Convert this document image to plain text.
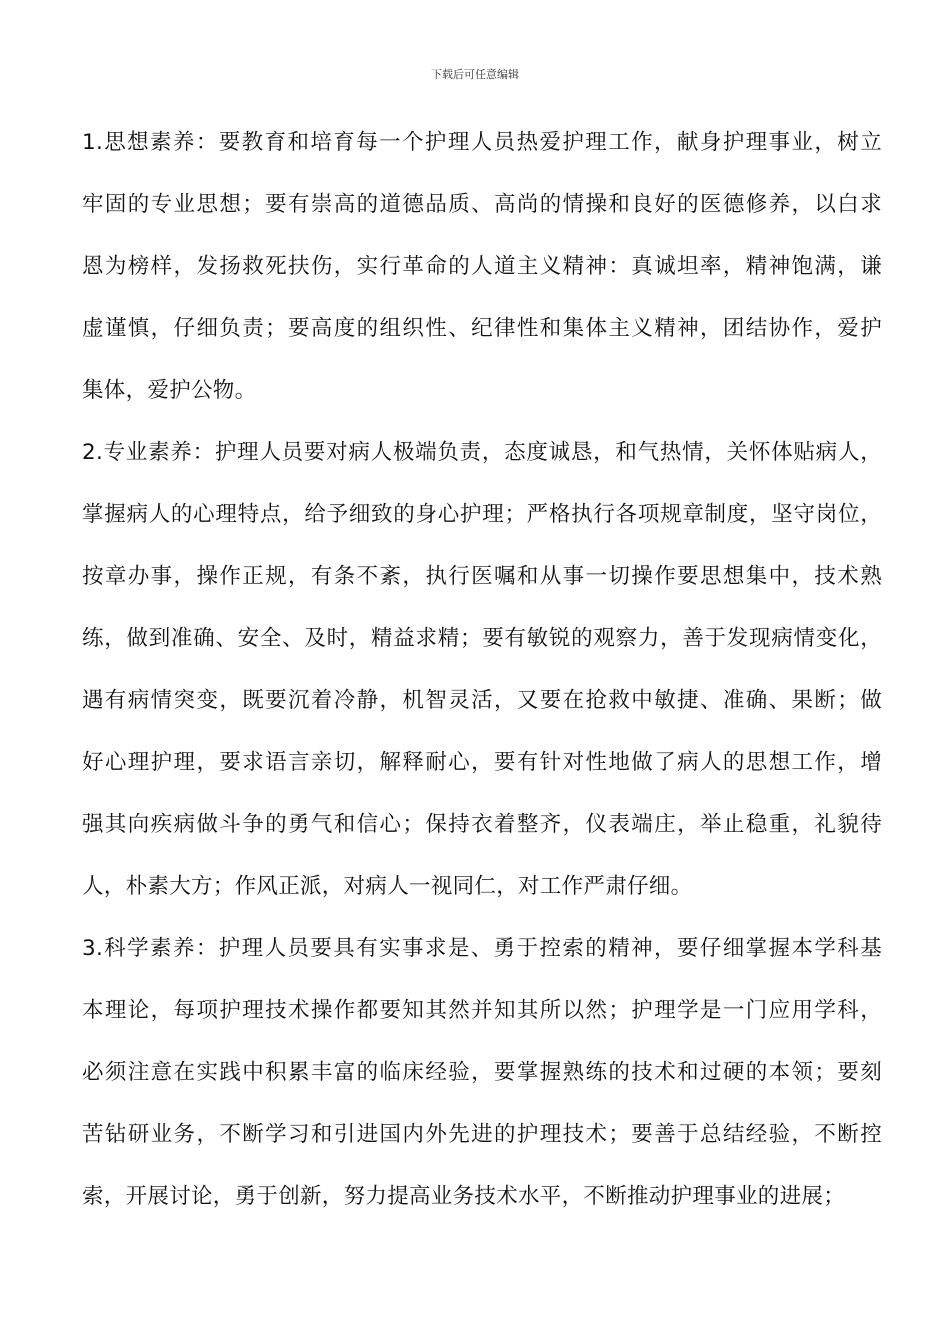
下载后可任意编辑
1.思想素养：要教育和培育每一个护理人员热爱护理工作，献身护理事业，树立
牢固的专业思想；要有崇高的道德品质、高尚的情操和良好的医德修养，以白求
恩为榜样，发扬救死扶伤，实行革命的人道主义精神：真诚坦率，精神饱满，谦
虚谨慎，仔细负责；要高度的组织性、纪律性和集体主义精神，团结协作，爱护
集体，爱护公物。
2.专业素养：护理人员要对病人极端负责，态度诚恳，和气热情，关怀体贴病人，
掌握病人的心理特点，给予细致的身心护理；严格执行各项规章制度，坚守岗位，
按章办事，操作正规，有条不紊，执行医嘱和从事一切操作要思想集中，技术熟
练，做到准确、安全、及时，精益求精；要有敏锐的观察力，善于发现病情变化，
遇有病情突变，既要沉着冷静，机智灵活，又要在抢救中敏捷、准确、果断；做
好心理护理，要求语言亲切，解释耐心，要有针对性地做了病人的思想工作，增
强其向疾病做斗争的勇气和信心；保持衣着整齐，仪表端庄，举止稳重，礼貌待
人，朴素大方；作风正派，对病人一视同仁，对工作严肃仔细。
3.科学素养：护理人员要具有实事求是、勇于控索的精神，要仔细掌握本学科基
本理论，每项护理技术操作都要知其然并知其所以然；护理学是一门应用学科，
必须注意在实践中积累丰富的临床经验，要掌握熟练的技术和过硬的本领；要刻
苦钻研业务，不断学习和引进国内外先进的护理技术；要善于总结经验，不断控
索，开展讨论，勇于创新，努力提高业务技术水平，不断推动护理事业的进展；
